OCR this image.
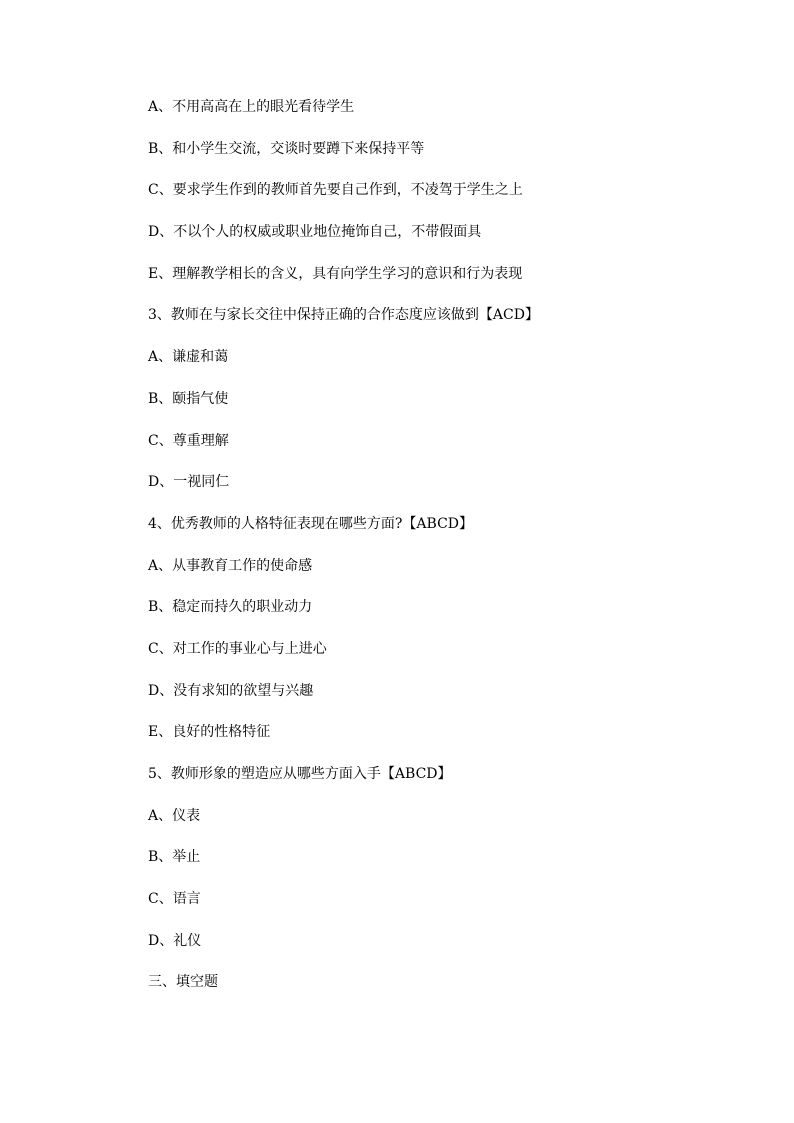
A、不用高高在上的眼光看待学生
B、和小学生交流，交谈时要蹲下来保持平等
C、要求学生作到的教师首先要自己作到，不凌驾于学生之上
D、不以个人的权威或职业地位掩饰自己，不带假面具
E、理解教学相长的含义，具有向学生学习的意识和行为表现
3、教师在与家长交往中保持正确的合作态度应该做到【ACD】
A、谦虚和蔼
B、颐指气使
C、尊重理解
D、一视同仁
4、优秀教师的人格特征表现在哪些方面?【ABCD】
A、从事教育工作的使命感
B、稳定而持久的职业动力
C、对工作的事业心与上进心
D、没有求知的欲望与兴趣
E、良好的性格特征
5、教师形象的塑造应从哪些方面入手【ABCD】
A、仪表
B、举止
C、语言
D、礼仪
三、填空题
